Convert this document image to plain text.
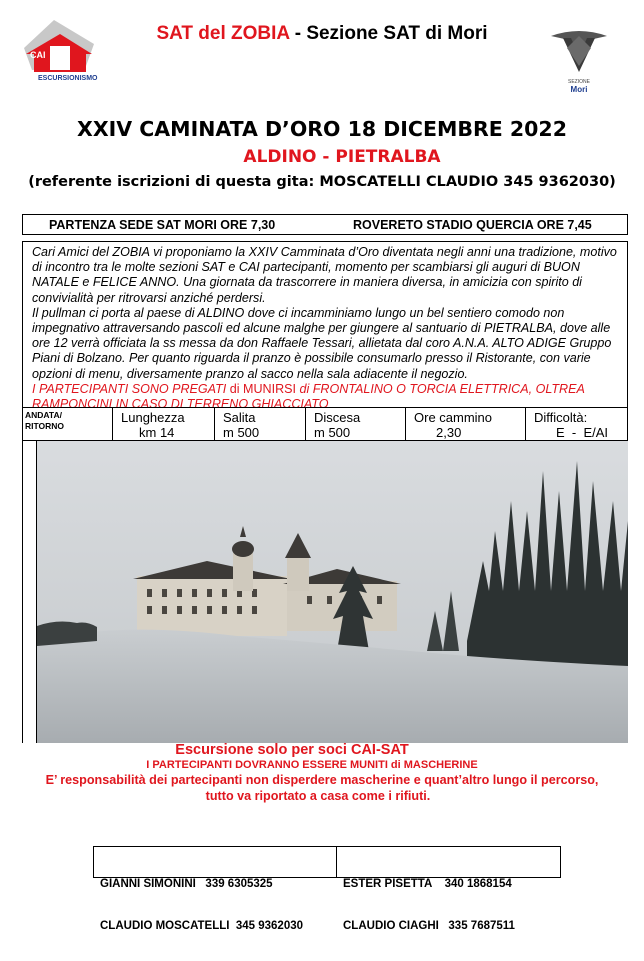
CAI
ESCURSIONISMO
SAT del ZOBIA - Sezione SAT di Mori
SEZIONE
Mori
XXIV CAMINATA D’ORO 18 DICEMBRE 2022
ALDINO - PIETRALBA
(referente iscrizioni di questa gita: MOSCATELLI CLAUDIO 345 9362030)
PARTENZA SEDE SAT MORI ORE 7,30	ROVERETO STADIO QUERCIA ORE 7,45

Cari Amici del ZOBIA vi proponiamo la XXIV Camminata d’Oro diventata negli anni una tradizione, motivo di incontro tra le molte sezioni SAT e CAI partecipanti, momento per scambiarsi gli auguri di BUON NATALE e FELICE ANNO. Una giornata da trascorrere in maniera diversa, in amicizia con spirito di convivialità per ritrovarsi anziché perdersi.

Il pullman ci porta al paese di ALDINO dove ci incamminiamo lungo un bel sentiero comodo non impegnativo attraversando pascoli ed alcune malghe per giungere al santuario di PIETRALBA, dove alle ore 12 verrà officiata la ss messa da don Raffaele Tessari, allietata dal coro A.N.A. ALTO ADIGE Gruppo Piani di Bolzano. Per quanto riguarda il pranzo è possibile consumarlo presso il Ristorante, con varie opzioni di menu, diversamente pranzo al sacco nella sala adiacente il negozio.

I PARTECIPANTI SONO PREGATI di MUNIRSI di FRONTALINO O TORCIA ELETTRICA, OLTREA RAMPONCINI IN CASO DI TERRENO GHIACCIATO

ANDATA/
RITORNO
Lunghezza
km 14
Salita
m 500
Discesa
m 500
Ore cammino
2,30
Difficoltà:
E  -  E/AI
Escursione solo per soci CAI-SAT
I PARTECIPANTI DOVRANNO ESSERE MUNITI di MASCHERINE
E’ responsabilità dei partecipanti non disperdere mascherine e quant’altro lungo il percorso,
tutto va riportato a casa come i rifiuti.

GIANNI SIMONINI   339 6305325

CLAUDIO MOSCATELLI  345 9362030

ESTER PISETTA    340 1868154

CLAUDIO CIAGHI   335 7687511
